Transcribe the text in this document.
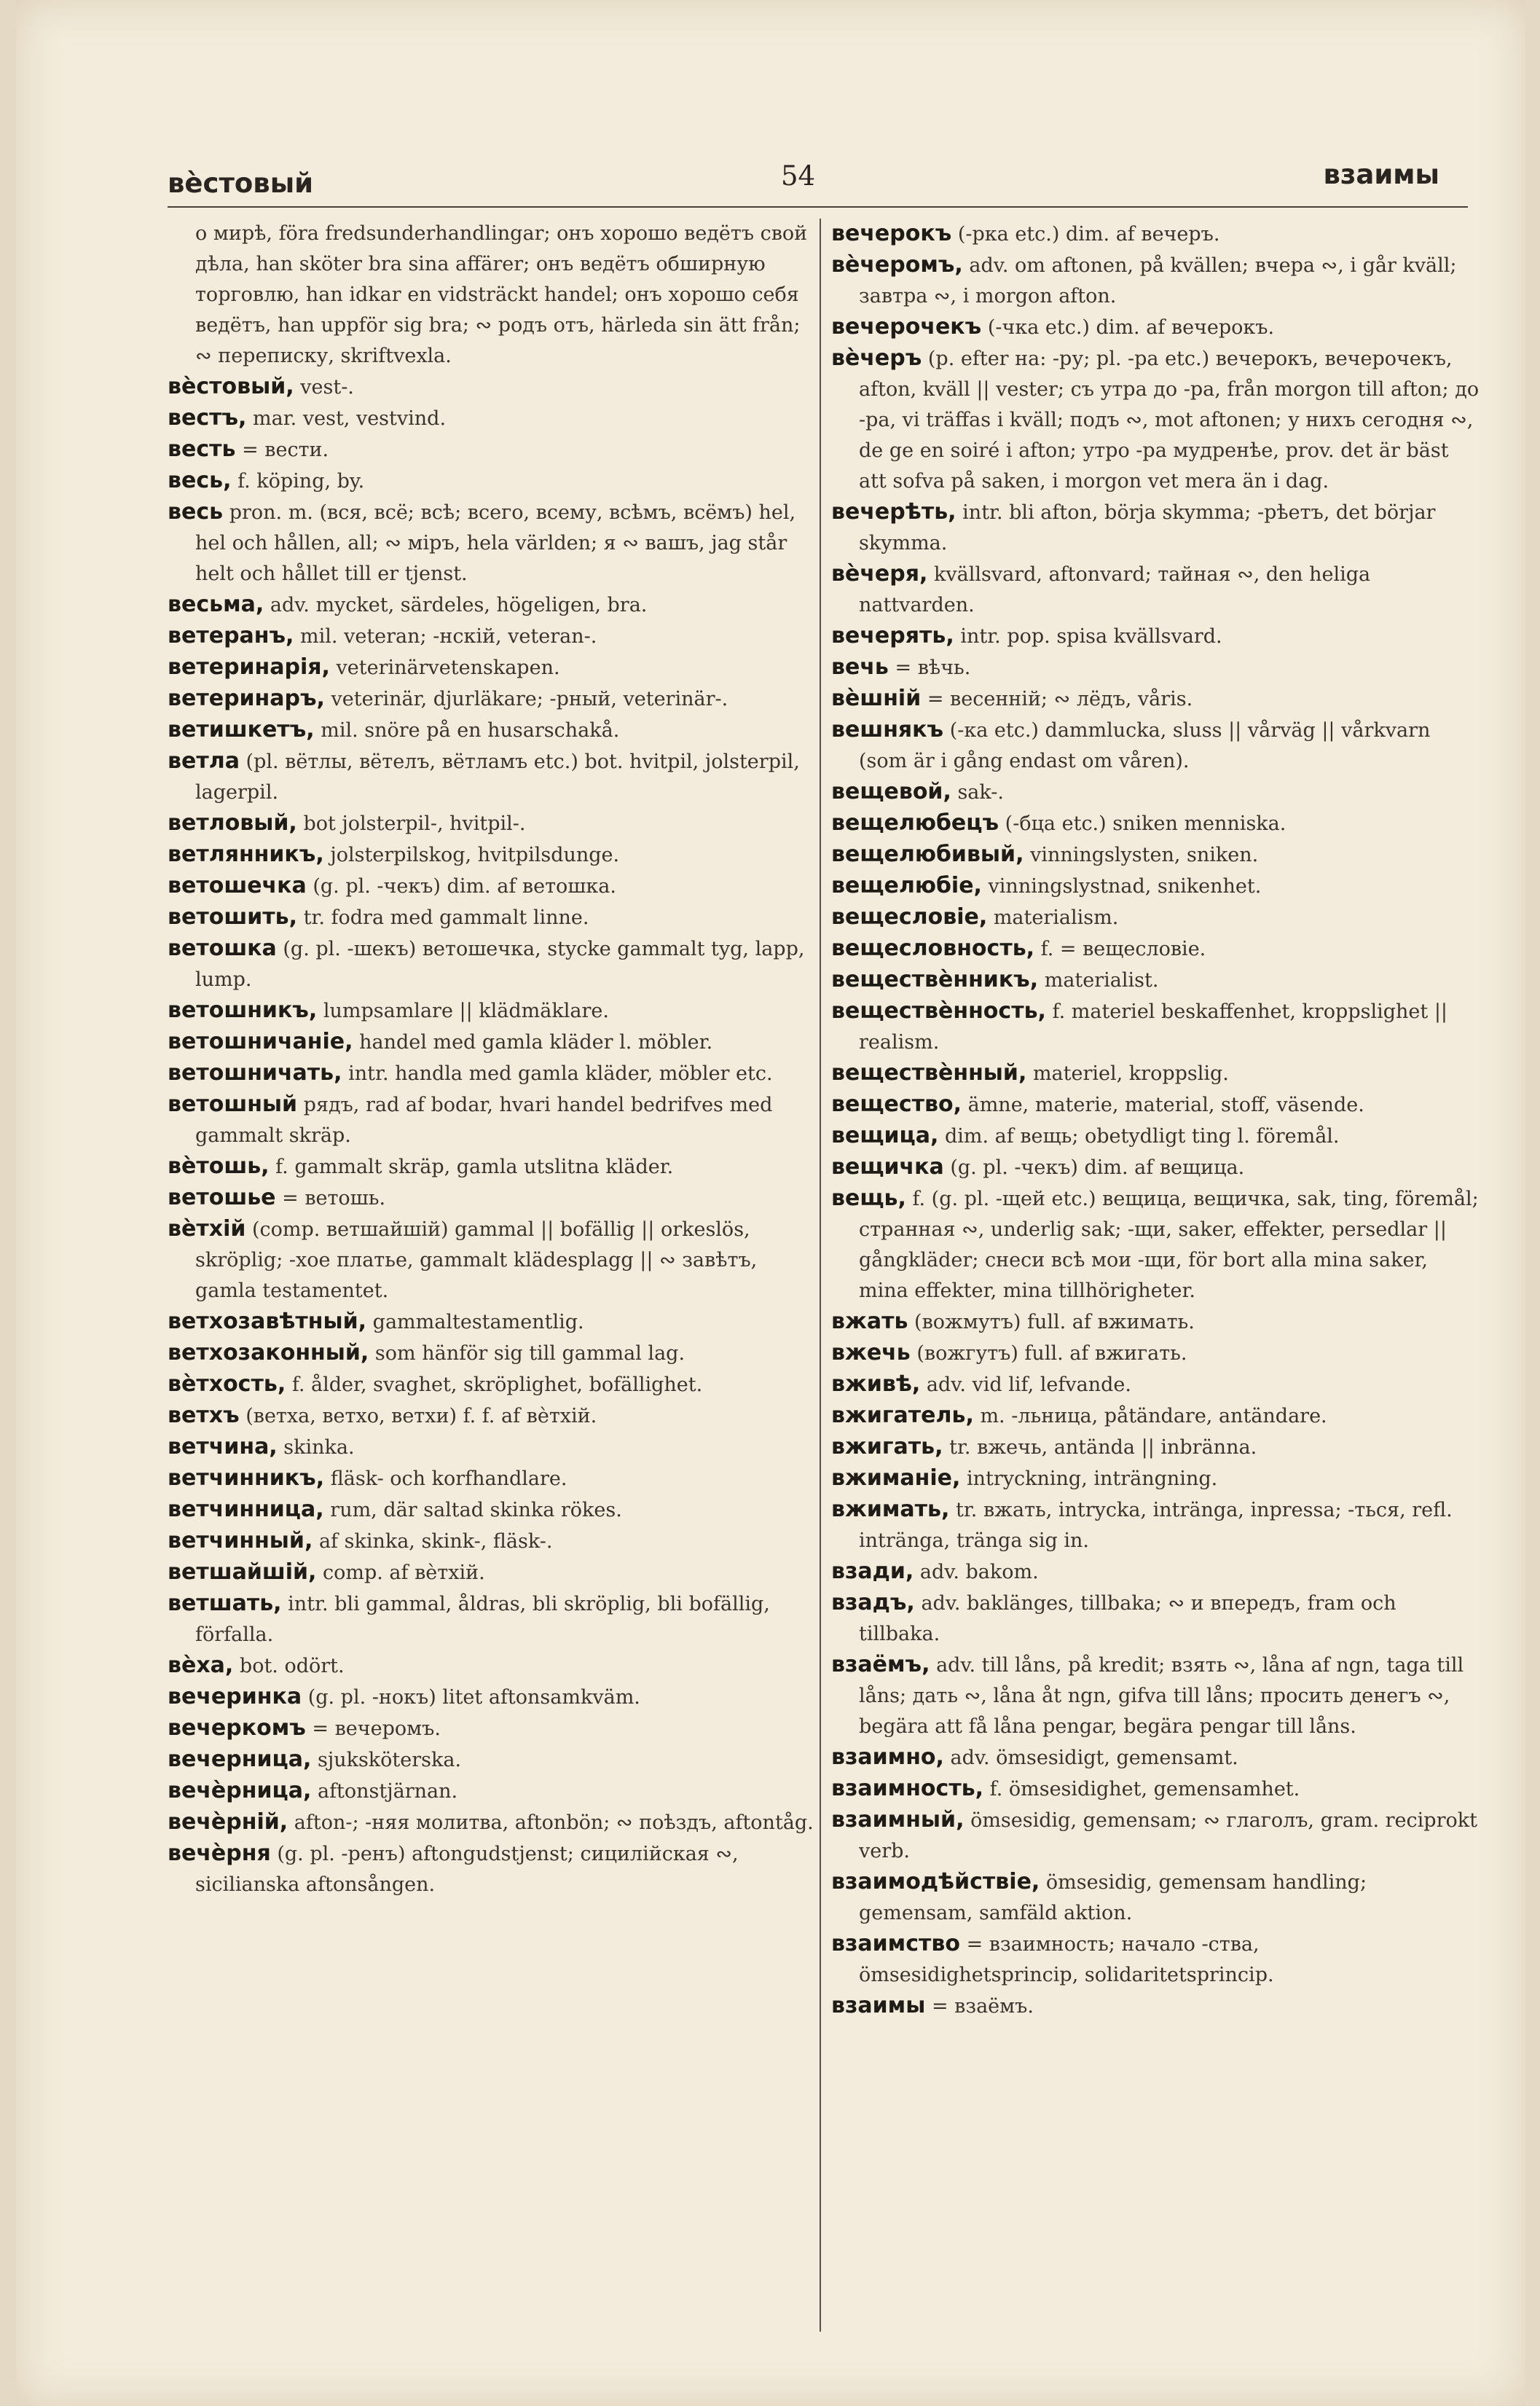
вѐстовый	54	взаимы

о мирѣ, föra fredsunderhandlingar; онъ хорошо ведётъ свой дѣла, han sköter bra sina affärer; онъ ведётъ обширную торговлю, han idkar en vidsträckt handel; онъ хорошо себя ведётъ, han uppför sig bra; ∾ родъ отъ, härleda sin ätt från; ∾ переписку, skriftvexla.

вѐстовый, vest-.

вестъ, mar. vest, vestvind.

весть = вести.

весь, f. köping, by.

весь pron. m. (вся, всё; всѣ; всего, всему, всѣмъ, всёмъ) hel, hel och hållen, all; ∾ міръ, hela världen; я ∾ вашъ, jag står helt och hållet till er tjenst.

весьма, adv. mycket, särdeles, högeligen, bra.

ветеранъ, mil. veteran; -нскій, veteran-.

ветеринарія, veterinärvetenskapen.

ветеринаръ, veterinär, djurläkare; -рный, veterinär-.

ветишкетъ, mil. snöre på en husarschakå.

ветла (pl. вётлы, вётелъ, вётламъ etc.) bot. hvitpil, jolsterpil, lagerpil.

ветловый, bot jolsterpil-, hvitpil-.

ветлянникъ, jolsterpilskog, hvitpilsdunge.

ветошечка (g. pl. -чекъ) dim. af ветошка.

ветошить, tr. fodra med gammalt linne.

ветошка (g. pl. -шекъ) ветошечка, stycke gammalt tyg, lapp, lump.

ветошникъ, lumpsamlare || klädmäklare.

ветошничаніе, handel med gamla kläder l. möbler.

ветошничать, intr. handla med gamla kläder, möbler etc.

ветошный рядъ, rad af bodar, hvari handel bedrifves med gammalt skräp.

вѐтошь, f. gammalt skräp, gamla utslitna kläder.

ветошье = ветошь.

вѐтхій (comp. ветшайшій) gammal || bofällig || orkeslös, skröplig; -хое платье, gammalt klädesplagg || ∾ завѣтъ, gamla testamentet.

ветхозавѣтный, gammaltestamentlig.

ветхозаконный, som hänför sig till gammal lag.

вѐтхость, f. ålder, svaghet, skröplighet, bofällighet.

ветхъ (ветха, ветхо, ветхи) f. f. af вѐтхій.

ветчина, skinka.

ветчинникъ, fläsk- och korfhandlare.

ветчинница, rum, där saltad skinka rökes.

ветчинный, af skinka, skink-, fläsk-.

ветшайшій, comp. af вѐтхій.

ветшать, intr. bli gammal, åldras, bli skröplig, bli bofällig, förfalla.

вѐха, bot. odört.

вечеринка (g. pl. -нокъ) litet aftonsamkväm.

вечеркомъ = вечеромъ.

вечерница, sjuksköterska.

вечѐрница, aftonstjärnan.

вечѐрній, afton-; -няя молитва, aftonbön; ∾ поѣздъ, aftontåg.

вечѐрня (g. pl. -ренъ) aftongudstjenst; сицилійская ∾, sicilianska aftonsången.

вечерокъ (-рка etc.) dim. af вечеръ.

вѐчеромъ, adv. om aftonen, på kvällen; вчера ∾, i går kväll; завтра ∾, i morgon afton.

вечерочекъ (-чка etc.) dim. af вечерокъ.

вѐчеръ (p. efter на: -ру; pl. -ра etc.) вечерокъ, вечерочекъ, afton, kväll || vester; съ утра до -ра, från morgon till afton; до -ра, vi träffas i kväll; подъ ∾, mot aftonen; у нихъ сегодня ∾, de ge en soiré i afton; утро -ра мудренѣе, prov. det är bäst att sofva på saken, i morgon vet mera än i dag.

вечерѣть, intr. bli afton, börja skymma; -рѣетъ, det börjar skymma.

вѐчеря, kvällsvard, aftonvard; тайная ∾, den heliga nattvarden.

вечерять, intr. pop. spisa kvällsvard.

вечь = вѣчь.

вѐшній = весенній; ∾ лёдъ, våris.

вешнякъ (-ка etc.) dammlucka, sluss || vårväg || vårkvarn (som är i gång endast om våren).

вещевой, sak-.

вещелюбецъ (-бца etc.) sniken menniska.

вещелюбивый, vinningslysten, sniken.

вещелюбіе, vinningslystnad, snikenhet.

вещесловіе, materialism.

вещесловность, f. = вещесловіе.

веществѐнникъ, materialist.

веществѐнность, f. materiel beskaffenhet, kroppslighet || realism.

веществѐнный, materiel, kroppslig.

вещество, ämne, materie, material, stoff, väsende.

вещица, dim. af вещь; obetydligt ting l. föremål.

вещичка (g. pl. -чекъ) dim. af вещица.

вещь, f. (g. pl. -щей etc.) вещица, вещичка, sak, ting, föremål; странная ∾, underlig sak; -щи, saker, effekter, persedlar || gångkläder; снеси всѣ мои -щи, för bort alla mina saker, mina effekter, mina tillhörigheter.

вжать (вожмутъ) full. af вжимать.

вжечь (вожгутъ) full. af вжигать.

вживѣ, adv. vid lif, lefvande.

вжигатель, m. -льница, påtändare, antändare.

вжигать, tr. вжечь, antända || inbränna.

вжиманіе, intryckning, inträngning.

вжимать, tr. вжать, intrycka, inträngа, inpressa; -ться, refl. inträngа, tränga sig in.

взади, adv. bakom.

взадъ, adv. baklänges, tillbaka; ∾ и впередъ, fram och tillbaka.

взаёмъ, adv. till låns, på kredit; взять ∾, låna af ngn, taga till låns; дать ∾, låna åt ngn, gifva till låns; просить денегъ ∾, begära att få låna pengar, begära pengar till låns.

взаимно, adv. ömsesidigt, gemensamt.

взаимность, f. ömsesidighet, gemensamhet.

взаимный, ömsesidig, gemensam; ∾ глаголъ, gram. reciprokt verb.

взаимодѣйствіе, ömsesidig, gemensam handling; gemensam, samfäld aktion.

взаимство = взаимность; начало -ства, ömsesidighetsprincip, solidaritetsprincip.

взаимы = взаёмъ.
